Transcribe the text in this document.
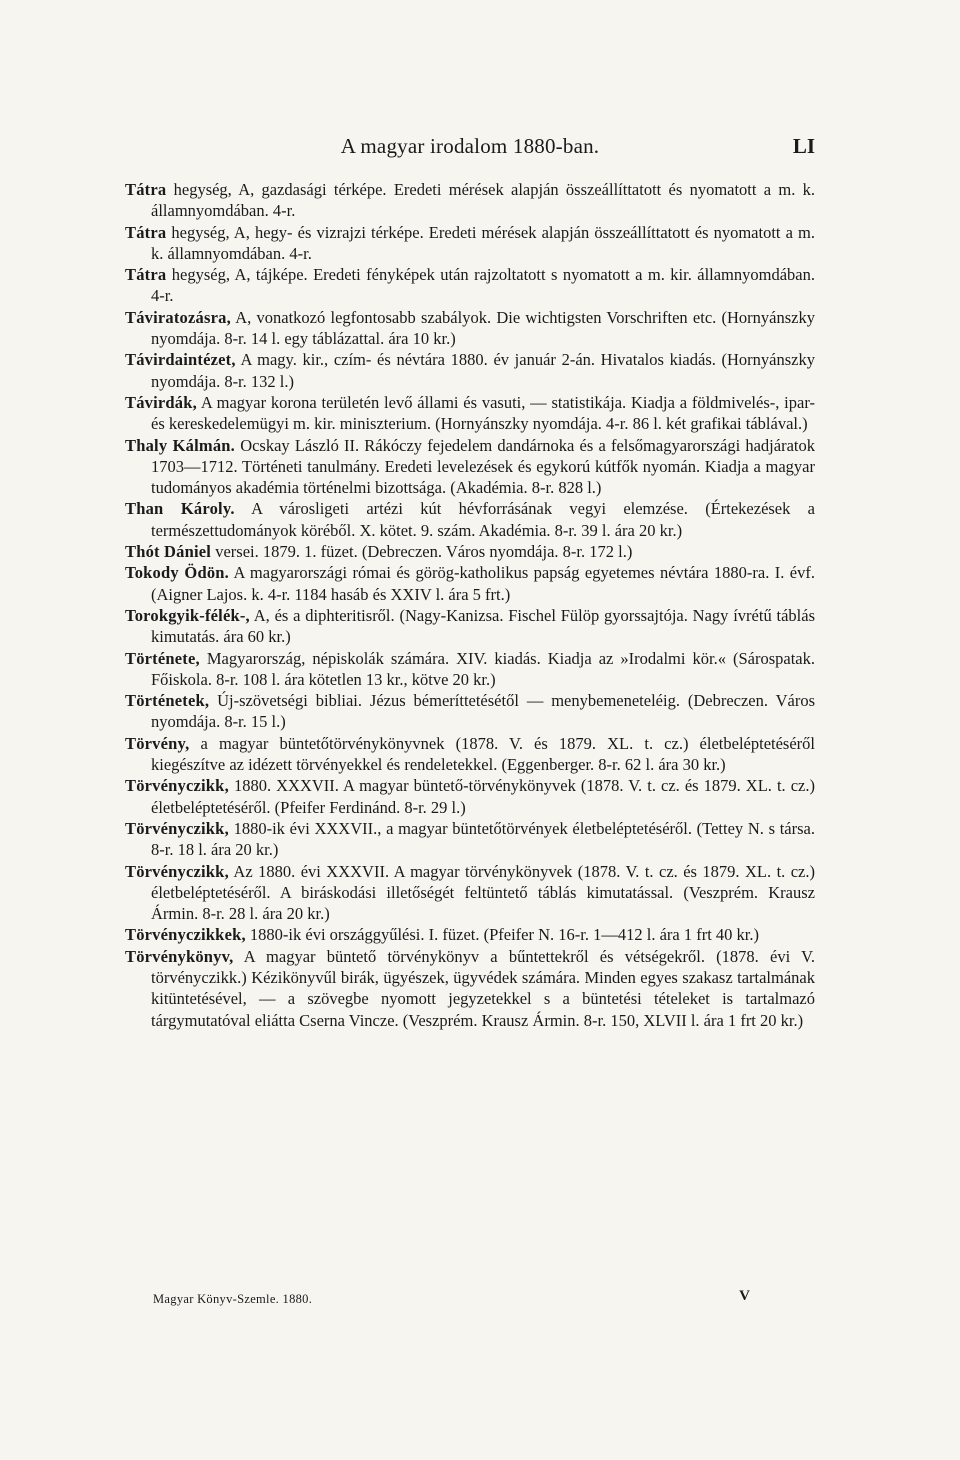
A magyar irodalom 1880-ban.	LI

Tátra hegység, A, gazdasági térképe. Eredeti mérések alapján összeállíttatott és nyomatott a m. k. államnyomdában. 4-r.

Tátra hegység, A, hegy- és vizrajzi térképe. Eredeti mérések alapján összeállíttatott és nyomatott a m. k. államnyomdában. 4-r.

Tátra hegység, A, tájképe. Eredeti fényképek után rajzoltatott s nyomatott a m. kir. államnyomdában. 4-r.

Táviratozásra, A, vonatkozó legfontosabb szabályok. Die wichtigsten Vorschriften etc. (Hornyánszky nyomdája. 8-r. 14 l. egy táblázattal. ára 10 kr.)

Távirdaintézet, A magy. kir., czím- és névtára 1880. év január 2-án. Hivatalos kiadás. (Hornyánszky nyomdája. 8-r. 132 l.)

Távirdák, A magyar korona területén levő állami és vasuti, — statistikája. Kiadja a földmivelés-, ipar- és kereskedelemügyi m. kir. miniszterium. (Hornyánszky nyomdája. 4-r. 86 l. két grafikai táblával.)

Thaly Kálmán. Ocskay László II. Rákóczy fejedelem dandárnoka és a felsőmagyarországi hadjáratok 1703—1712. Történeti tanulmány. Eredeti levelezések és egykorú kútfők nyomán. Kiadja a magyar tudományos akadémia történelmi bizottsága. (Akadémia. 8-r. 828 l.)

Than Károly. A városligeti artézi kút hévforrásának vegyi elemzése. (Értekezések a természettudományok köréből. X. kötet. 9. szám. Akadémia. 8-r. 39 l. ára 20 kr.)

Thót Dániel versei. 1879. 1. füzet. (Debreczen. Város nyomdája. 8-r. 172 l.)

Tokody Ödön. A magyarországi római és görög-katholikus papság egyetemes névtára 1880-ra. I. évf. (Aigner Lajos. k. 4-r. 1184 hasáb és XXIV l. ára 5 frt.)

Torokgyik-félék-, A, és a diphteritisről. (Nagy-Kanizsa. Fischel Fülöp gyorssajtója. Nagy ívrétű táblás kimutatás. ára 60 kr.)

Története, Magyarország, népiskolák számára. XIV. kiadás. Kiadja az »Irodalmi kör.« (Sárospatak. Főiskola. 8-r. 108 l. ára kötetlen 13 kr., kötve 20 kr.)

Történetek, Új-szövetségi bibliai. Jézus bémeríttetésétől — menybemeneteléig. (Debreczen. Város nyomdája. 8-r. 15 l.)

Törvény, a magyar büntetőtörvénykönyvnek (1878. V. és 1879. XL. t. cz.) életbeléptetéséről kiegészítve az idézett törvényekkel és rendeletekkel. (Eggenberger. 8-r. 62 l. ára 30 kr.)

Törvényczikk, 1880. XXXVII. A magyar büntető-törvénykönyvek (1878. V. t. cz. és 1879. XL. t. cz.) életbeléptetéséről. (Pfeifer Ferdinánd. 8-r. 29 l.)

Törvényczikk, 1880-ik évi XXXVII., a magyar büntetőtörvények életbeléptetéséről. (Tettey N. s társa. 8-r. 18 l. ára 20 kr.)

Törvényczikk, Az 1880. évi XXXVII. A magyar törvénykönyvek (1878. V. t. cz. és 1879. XL. t. cz.) életbeléptetéséről. A biráskodási illetőségét feltüntető táblás kimutatással. (Veszprém. Krausz Ármin. 8-r. 28 l. ára 20 kr.)

Törvényczikkek, 1880-ik évi országgyűlési. I. füzet. (Pfeifer N. 16-r. 1—412 l. ára 1 frt 40 kr.)

Törvénykönyv, A magyar büntető törvénykönyv a bűntettekről és vétségekről. (1878. évi V. törvényczikk.) Kézikönyvűl birák, ügyészek, ügyvédek számára. Minden egyes szakasz tartalmának kitüntetésével, — a szövegbe nyomott jegyzetekkel s a büntetési tételeket is tartalmazó tárgymutatóval eliátta Cserna Vincze. (Veszprém. Krausz Ármin. 8-r. 150, XLVII l. ára 1 frt 20 kr.)

Magyar Könyv-Szemle. 1880.	V
